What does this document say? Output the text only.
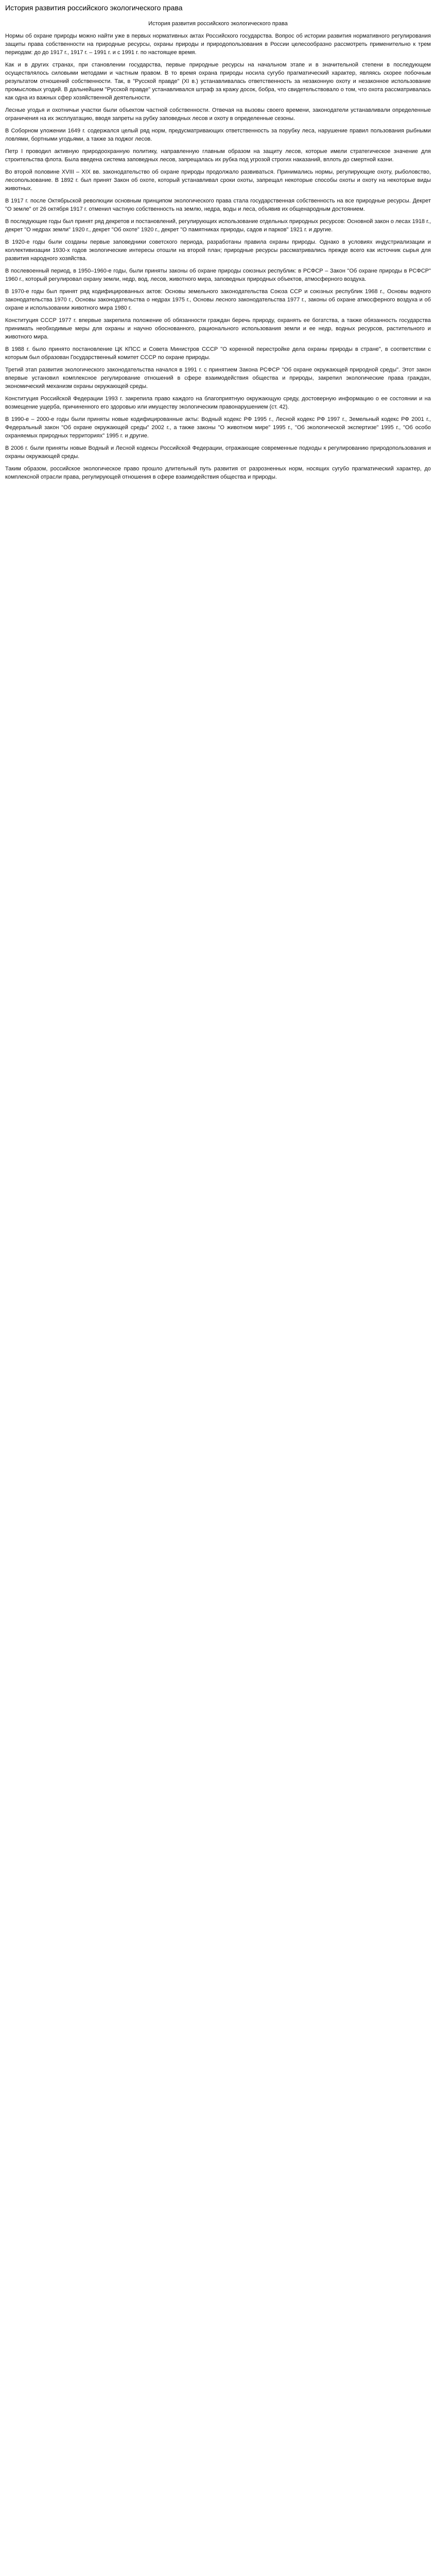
История развития российского экологического права
История развития российского экологического права

Нормы об охране природы можно найти уже в первых нормативных актах Российского государства. Вопрос об истории развития нормативного регулирования защиты права собственности на природные ресурсы, охраны природы и природопользования в России целесообразно рассмотреть применительно к трем периодам: до до 1917 г., 1917 г. – 1991 г. и с 1991 г. по настоящее время.

Как и в других странах, при становлении государства, первые природные ресурсы на начальном этапе и в значительной степени в последующем осуществлялось силовыми методами и частным правом. В то время охрана природы носила сугубо прагматический характер, являясь скорее побочным результатом отношений собственности. Так, в "Русской правде" (XI в.) устанавливалась ответственность за незаконную охоту и незаконное использование промысловых угодий. В дальнейшем "Русской правде" устанавливался штраф за кражу досок, бобра, что свидетельствовало о том, что охота рассматривалась как одна из важных сфер хозяйственной деятельности.

Лесные угодья и охотничьи участки были объектом частной собственности. Отвечая на вызовы своего времени, законодатели устанавливали определенные ограничения на их эксплуатацию, вводя запреты на рубку заповедных лесов и охоту в определенные сезоны.

В Соборном уложении 1649 г. содержался целый ряд норм, предусматривающих ответственность за порубку леса, нарушение правил пользования рыбными ловлями, бортными угодьями, а также за поджог лесов.

Петр I проводил активную природоохранную политику, направленную главным образом на защиту лесов, которые имели стратегическое значение для строительства флота. Была введена система заповедных лесов, запрещалась их рубка под угрозой строгих наказаний, вплоть до смертной казни.

Во второй половине XVIII – XIX вв. законодательство об охране природы продолжало развиваться. Принимались нормы, регулирующие охоту, рыболовство, лесопользование. В 1892 г. был принят Закон об охоте, который устанавливал сроки охоты, запрещал некоторые способы охоты и охоту на некоторые виды животных.

В 1917 г. после Октябрьской революции основным принципом экологического права стала государственная собственность на все природные ресурсы. Декрет "О земле" от 26 октября 1917 г. отменил частную собственность на землю, недра, воды и леса, объявив их общенародным достоянием.

В последующие годы был принят ряд декретов и постановлений, регулирующих использование отдельных природных ресурсов: Основной закон о лесах 1918 г., декрет "О недрах земли" 1920 г., декрет "Об охоте" 1920 г., декрет "О памятниках природы, садов и парков" 1921 г. и другие.

В 1920-е годы были созданы первые заповедники советского периода, разработаны правила охраны природы. Однако в условиях индустриализации и коллективизации 1930-х годов экологические интересы отошли на второй план; природные ресурсы рассматривались прежде всего как источник сырья для развития народного хозяйства.

В послевоенный период, в 1950–1960-е годы, были приняты законы об охране природы союзных республик: в РСФСР – Закон "Об охране природы в РСФСР" 1960 г., который регулировал охрану земли, недр, вод, лесов, животного мира, заповедных природных объектов, атмосферного воздуха.

В 1970-е годы был принят ряд кодифицированных актов: Основы земельного законодательства Союза ССР и союзных республик 1968 г., Основы водного законодательства 1970 г., Основы законодательства о недрах 1975 г., Основы лесного законодательства 1977 г., законы об охране атмосферного воздуха и об охране и использовании животного мира 1980 г.

Конституция СССР 1977 г. впервые закрепила положение об обязанности граждан беречь природу, охранять ее богатства, а также обязанность государства принимать необходимые меры для охраны и научно обоснованного, рационального использования земли и ее недр, водных ресурсов, растительного и животного мира.

В 1988 г. было принято постановление ЦК КПСС и Совета Министров СССР "О коренной перестройке дела охраны природы в стране", в соответствии с которым был образован Государственный комитет СССР по охране природы.

Третий этап развития экологического законодательства начался в 1991 г. с принятием Закона РСФСР "Об охране окружающей природной среды". Этот закон впервые установил комплексное регулирование отношений в сфере взаимодействия общества и природы, закрепил экологические права граждан, экономический механизм охраны окружающей среды.

Конституция Российской Федерации 1993 г. закрепила право каждого на благоприятную окружающую среду, достоверную информацию о ее состоянии и на возмещение ущерба, причиненного его здоровью или имуществу экологическим правонарушением (ст. 42).

В 1990-е – 2000-е годы были приняты новые кодифицированные акты: Водный кодекс РФ 1995 г., Лесной кодекс РФ 1997 г., Земельный кодекс РФ 2001 г., Федеральный закон "Об охране окружающей среды" 2002 г., а также законы "О животном мире" 1995 г., "Об экологической экспертизе" 1995 г., "Об особо охраняемых природных территориях" 1995 г. и другие.

В 2006 г. были приняты новые Водный и Лесной кодексы Российской Федерации, отражающие современные подходы к регулированию природопользования и охраны окружающей среды.

Таким образом, российское экологическое право прошло длительный путь развития от разрозненных норм, носящих сугубо прагматический характер, до комплексной отрасли права, регулирующей отношения в сфере взаимодействия общества и природы.
